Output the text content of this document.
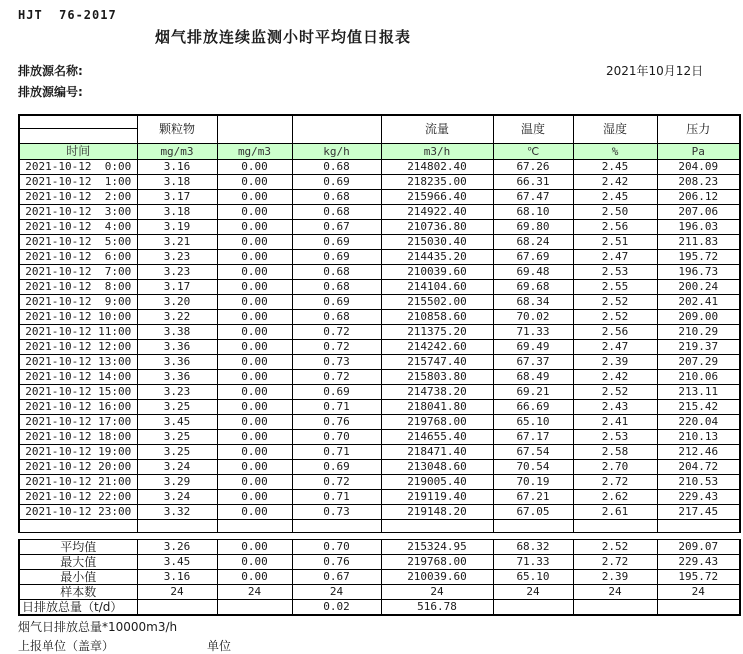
HJT  76-2017
烟气排放连续监测小时平均值日报表
排放源名称:	2021年10月12日
排放源编号:
	颗粒物			流量	温度	湿度	压力
时间	mg/m3	mg/m3	kg/h	m3/h	℃	%	Pa
2021-10-12  0:00	3.16	0.00	0.68	214802.40	67.26	2.45	204.09
2021-10-12  1:00	3.18	0.00	0.69	218235.00	66.31	2.42	208.23
2021-10-12  2:00	3.17	0.00	0.68	215966.40	67.47	2.45	206.12
2021-10-12  3:00	3.18	0.00	0.68	214922.40	68.10	2.50	207.06
2021-10-12  4:00	3.19	0.00	0.67	210736.80	69.80	2.56	196.03
2021-10-12  5:00	3.21	0.00	0.69	215030.40	68.24	2.51	211.83
2021-10-12  6:00	3.23	0.00	0.69	214435.20	67.69	2.47	195.72
2021-10-12  7:00	3.23	0.00	0.68	210039.60	69.48	2.53	196.73
2021-10-12  8:00	3.17	0.00	0.68	214104.60	69.68	2.55	200.24
2021-10-12  9:00	3.20	0.00	0.69	215502.00	68.34	2.52	202.41
2021-10-12 10:00	3.22	0.00	0.68	210858.60	70.02	2.52	209.00
2021-10-12 11:00	3.38	0.00	0.72	211375.20	71.33	2.56	210.29
2021-10-12 12:00	3.36	0.00	0.72	214242.60	69.49	2.47	219.37
2021-10-12 13:00	3.36	0.00	0.73	215747.40	67.37	2.39	207.29
2021-10-12 14:00	3.36	0.00	0.72	215803.80	68.49	2.42	210.06
2021-10-12 15:00	3.23	0.00	0.69	214738.20	69.21	2.52	213.11
2021-10-12 16:00	3.25	0.00	0.71	218041.80	66.69	2.43	215.42
2021-10-12 17:00	3.45	0.00	0.76	219768.00	65.10	2.41	220.04
2021-10-12 18:00	3.25	0.00	0.70	214655.40	67.17	2.53	210.13
2021-10-12 19:00	3.25	0.00	0.71	218471.40	67.54	2.58	212.46
2021-10-12 20:00	3.24	0.00	0.69	213048.60	70.54	2.70	204.72
2021-10-12 21:00	3.29	0.00	0.72	219005.40	70.19	2.72	210.53
2021-10-12 22:00	3.24	0.00	0.71	219119.40	67.21	2.62	229.43
2021-10-12 23:00	3.32	0.00	0.73	219148.20	67.05	2.61	217.45

平均值	3.26	0.00	0.70	215324.95	68.32	2.52	209.07
最大值	3.45	0.00	0.76	219768.00	71.33	2.72	229.43
最小值	3.16	0.00	0.67	210039.60	65.10	2.39	195.72
样本数	24	24	24	24	24	24	24
日排放总量（t/d）			0.02	516.78			
烟气日排放总量*10000m3/h
上报单位（盖章）	单位
